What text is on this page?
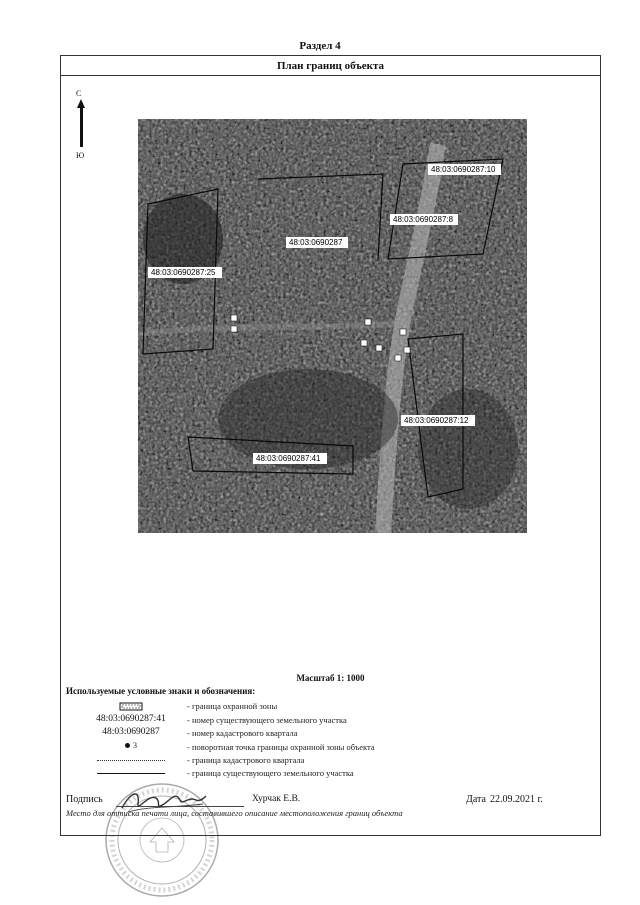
Раздел 4
План границ объекта
С
Ю
48:03:0690287:10
48:03:0690287:8
48:03:0690287
48:03:0690287:25
48:03:0690287:12
48:03:0690287:41
Масштаб 1: 1000
Используемые условные знаки и обозначения:
- граница охранной зоны
48:03:0690287:41	- номер существующего земельного участка
48:03:0690287	- номер кадастрового квартала
3	- поворотная точка границы охранной зоны объекта
- граница кадастрового квартала
- граница существующего земельного участка
Подпись	Хурчак Е.В.	Дата 22.09.2021 г.
Место для оттиска печати лица, составившего описание местоположения границ объекта
